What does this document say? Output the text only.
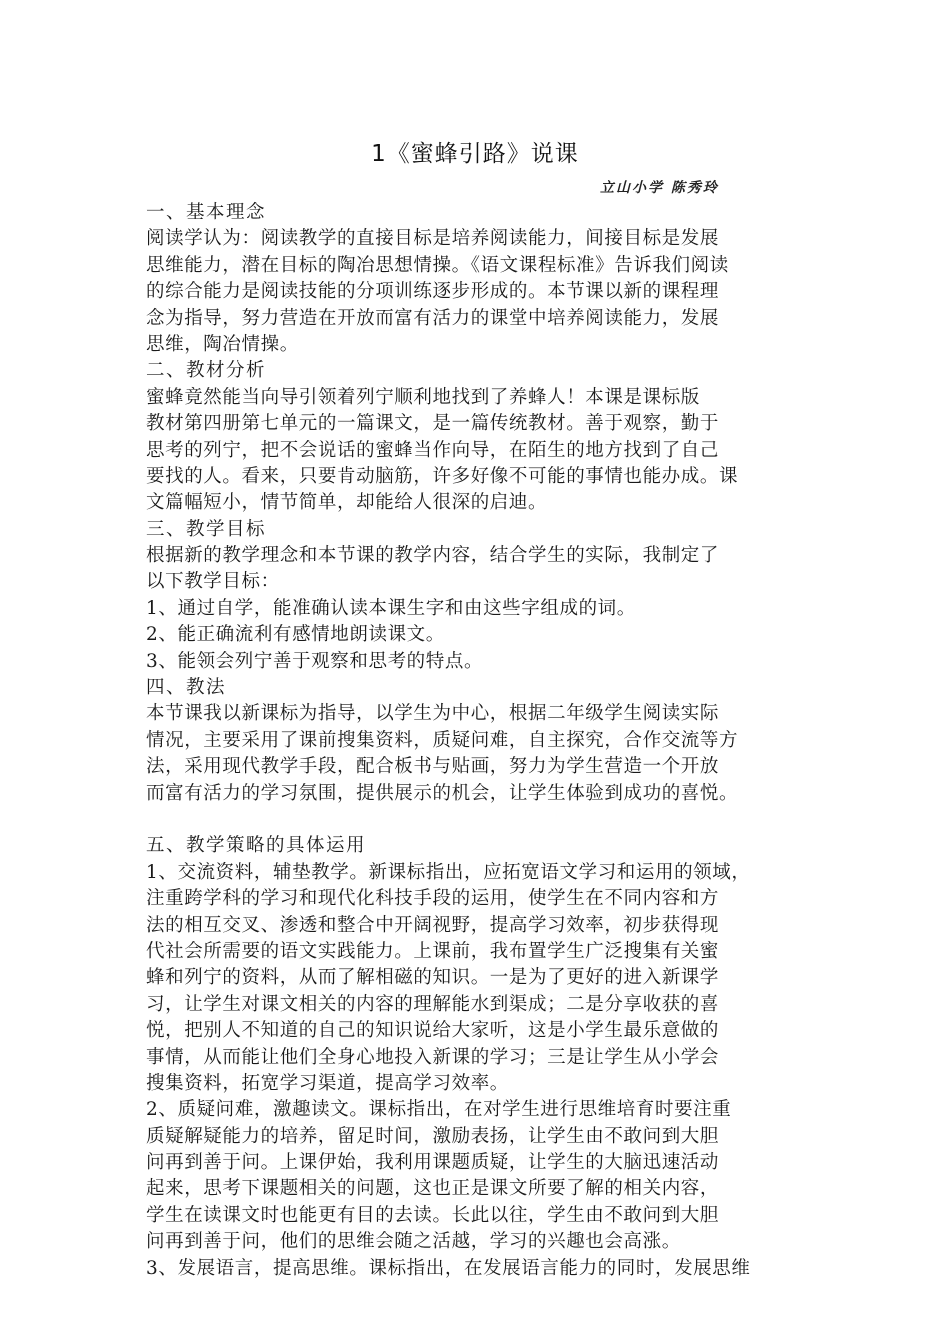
1《蜜蜂引路》说课
立山小学 陈秀玲
一、基本理念
阅读学认为：阅读教学的直接目标是培养阅读能力，间接目标是发展
思维能力，潜在目标的陶冶思想情操。《语文课程标准》告诉我们阅读
的综合能力是阅读技能的分项训练逐步形成的。本节课以新的课程理
念为指导，努力营造在开放而富有活力的课堂中培养阅读能力，发展
思维，陶冶情操。
二、教材分析
蜜蜂竟然能当向导引领着列宁顺利地找到了养蜂人！本课是课标版
教材第四册第七单元的一篇课文，是一篇传统教材。善于观察，勤于
思考的列宁，把不会说话的蜜蜂当作向导，在陌生的地方找到了自己
要找的人。看来，只要肯动脑筋，许多好像不可能的事情也能办成。课
文篇幅短小，情节简单，却能给人很深的启迪。
三、教学目标
根据新的教学理念和本节课的教学内容，结合学生的实际，我制定了
以下教学目标：
1、通过自学，能准确认读本课生字和由这些字组成的词。
2、能正确流利有感情地朗读课文。
3、能领会列宁善于观察和思考的特点。
四、教法
本节课我以新课标为指导，以学生为中心，根据二年级学生阅读实际
情况，主要采用了课前搜集资料，质疑问难，自主探究，合作交流等方
法，采用现代教学手段，配合板书与贴画，努力为学生营造一个开放
而富有活力的学习氛围，提供展示的机会，让学生体验到成功的喜悦。
五、教学策略的具体运用
1、交流资料，辅垫教学。新课标指出，应拓宽语文学习和运用的领域，
注重跨学科的学习和现代化科技手段的运用，使学生在不同内容和方
法的相互交叉、渗透和整合中开阔视野，提高学习效率，初步获得现
代社会所需要的语文实践能力。上课前，我布置学生广泛搜集有关蜜
蜂和列宁的资料，从而了解相磁的知识。一是为了更好的进入新课学
习，让学生对课文相关的内容的理解能水到渠成；二是分享收获的喜
悦，把别人不知道的自己的知识说给大家听，这是小学生最乐意做的
事情，从而能让他们全身心地投入新课的学习；三是让学生从小学会
搜集资料，拓宽学习渠道，提高学习效率。
2、质疑问难，激趣读文。课标指出，在对学生进行思维培育时要注重
质疑解疑能力的培养，留足时间，激励表扬，让学生由不敢问到大胆
问再到善于问。上课伊始，我利用课题质疑，让学生的大脑迅速活动
起来，思考下课题相关的问题，这也正是课文所要了解的相关内容，
学生在读课文时也能更有目的去读。长此以往，学生由不敢问到大胆
问再到善于问，他们的思维会随之活越，学习的兴趣也会高涨。
3、发展语言，提高思维。课标指出，在发展语言能力的同时，发展思维
